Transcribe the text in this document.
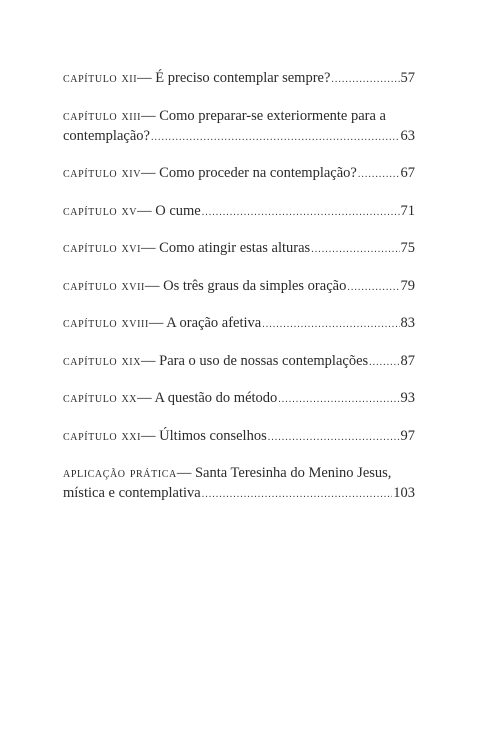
capítulo xii — É preciso contemplar sempre? .....	57
capítulo xiii — Como preparar-se exteriormente para a
contemplação? .....	63
capítulo xiv — Como proceder na contemplação? .....	67
capítulo xv — O cume .....	71
capítulo xvi — Como atingir estas alturas .....	75
capítulo xvii — Os três graus da simples oração .....	79
capítulo xviii — A oração afetiva .....	83
capítulo xix — Para o uso de nossas contemplações ..... 87
capítulo xx — A questão do método .....	93
capítulo xxi — Últimos conselhos .....	97
aplicação prática — Santa Teresinha do Menino Jesus,
mística e contemplativa .....	103
